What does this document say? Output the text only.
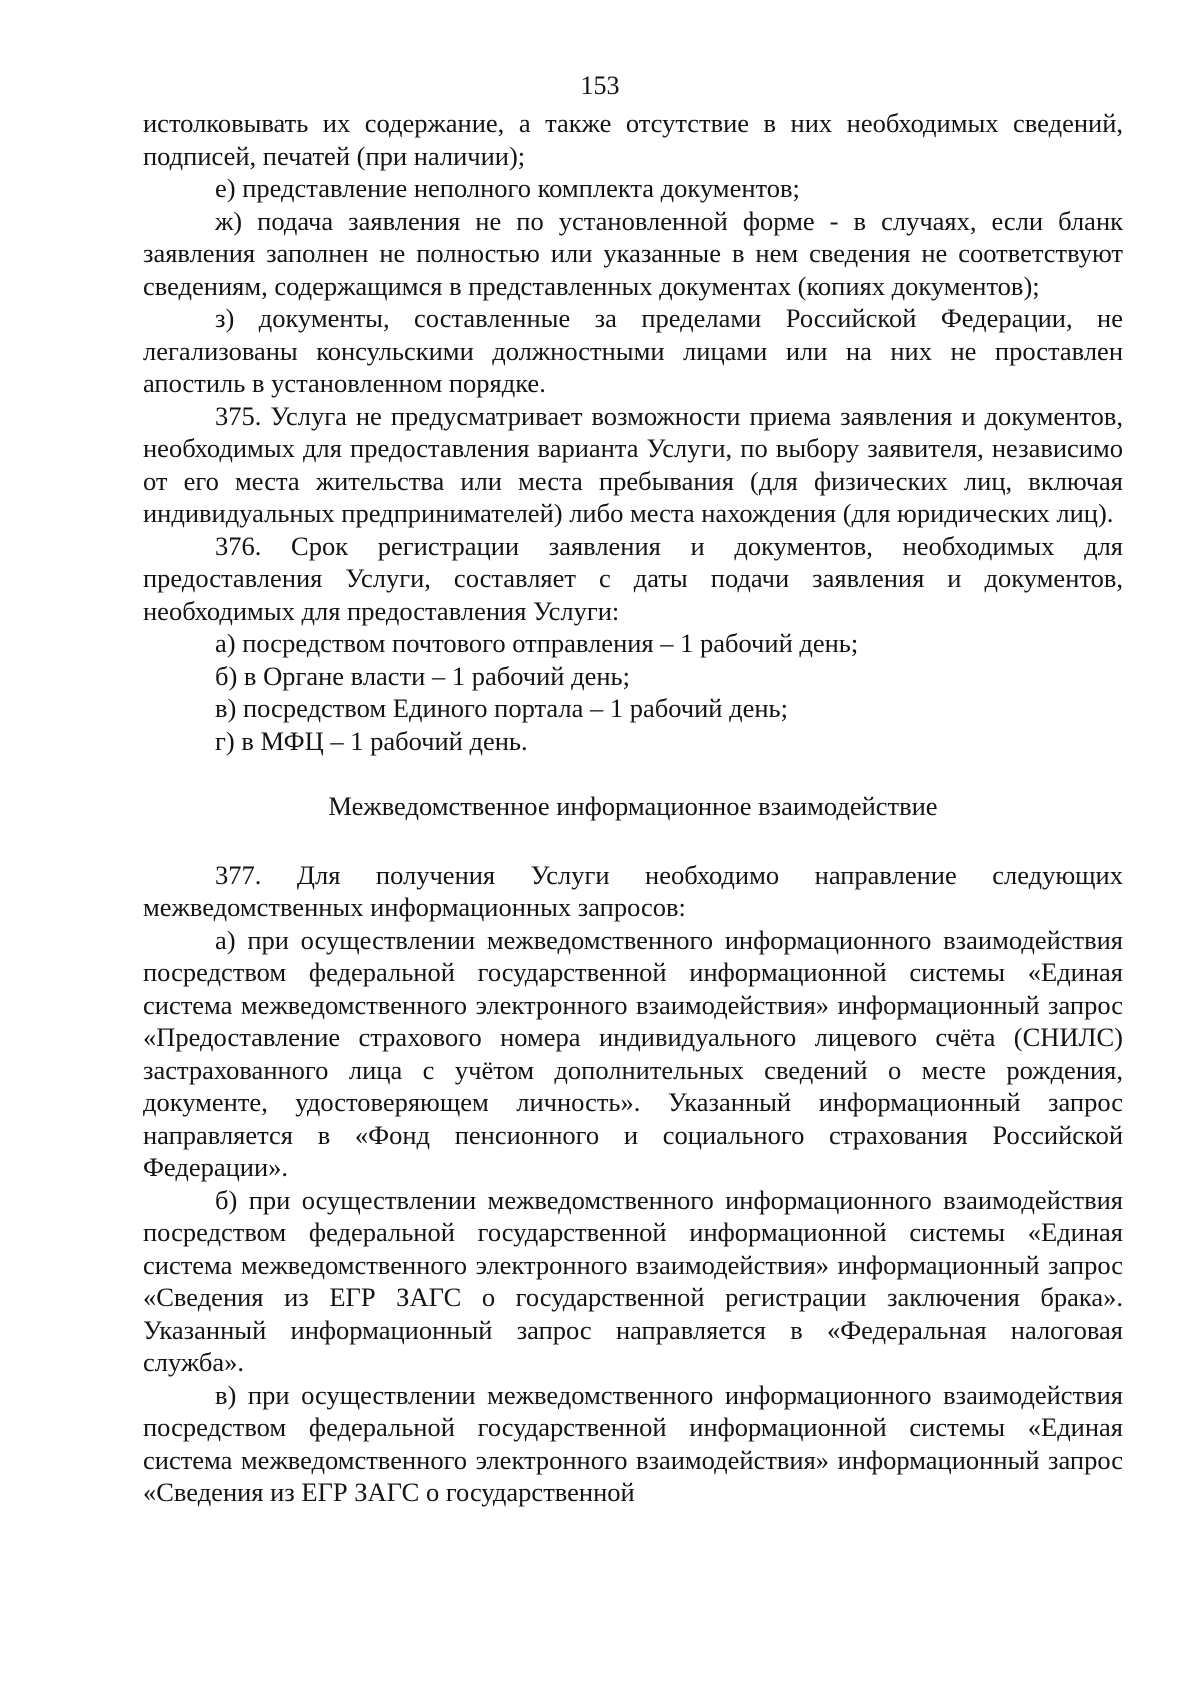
153

истолковывать их содержание, а также отсутствие в них необходимых сведений, подписей, печатей (при наличии);

е) представление неполного комплекта документов;

ж) подача заявления не по установленной форме - в случаях, если бланк заявления заполнен не полностью или указанные в нем сведения не соответствуют сведениям, содержащимся в представленных документах (копиях документов);

з) документы, составленные за пределами Российской Федерации, не легализованы консульскими должностными лицами или на них не проставлен апостиль в установленном порядке.

375. Услуга не предусматривает возможности приема заявления и документов, необходимых для предоставления варианта Услуги, по выбору заявителя, независимо от его места жительства или места пребывания (для физических лиц, включая индивидуальных предпринимателей) либо места нахождения (для юридических лиц).

376. Срок регистрации заявления и документов, необходимых для предоставления Услуги, составляет с даты подачи заявления и документов, необходимых для предоставления Услуги:

а) посредством почтового отправления – 1 рабочий день;

б) в Органе власти – 1 рабочий день;

в) посредством Единого портала – 1 рабочий день;

г) в МФЦ – 1 рабочий день.

Межведомственное информационное взаимодействие

377. Для получения Услуги необходимо направление следующих межведомственных информационных запросов:

а) при осуществлении межведомственного информационного взаимодействия посредством федеральной государственной информационной системы «Единая система межведомственного электронного взаимодействия» информационный запрос «Предоставление страхового номера индивидуального лицевого счёта (СНИЛС) застрахованного лица с учётом дополнительных сведений о месте рождения, документе, удостоверяющем личность». Указанный информационный запрос направляется в «Фонд пенсионного и социального страхования Российской Федерации».

б) при осуществлении межведомственного информационного взаимодействия посредством федеральной государственной информационной системы «Единая система межведомственного электронного взаимодействия» информационный запрос «Сведения из ЕГР ЗАГС о государственной регистрации заключения брака». Указанный информационный запрос направляется в «Федеральная налоговая служба».

в) при осуществлении межведомственного информационного взаимодействия посредством федеральной государственной информационной системы «Единая система межведомственного электронного взаимодействия» информационный запрос «Сведения из ЕГР ЗАГС о государственной
